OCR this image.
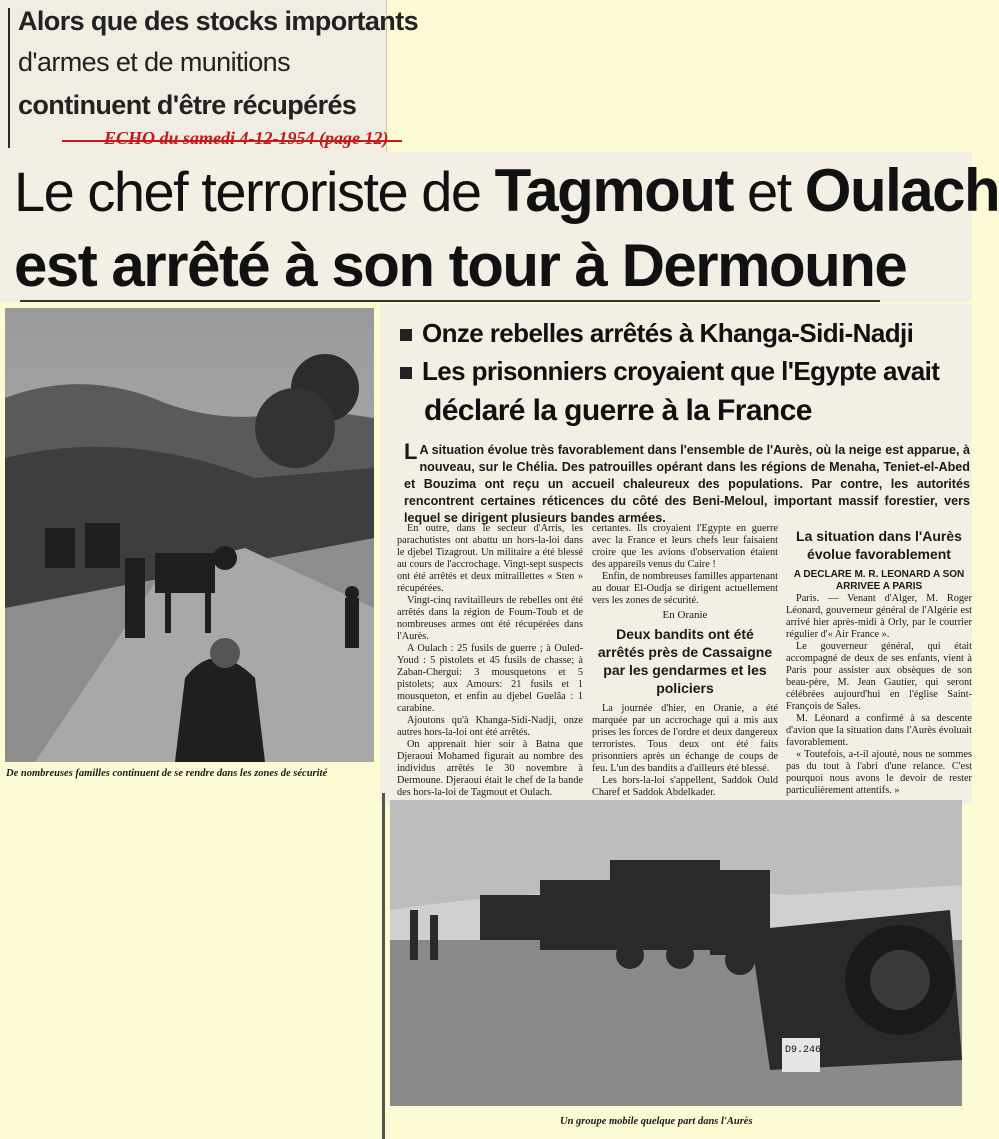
Alors que des stocks importants
d'armes et de munitions
continuent d'être récupérés
ECHO du samedi 4-12-1954 (page 12)
Le chef terroriste de Tagmout et Oulach
est arrêté à son tour à Dermoune
De nombreuses familles continuent de se rendre dans les zones de sécurité
Onze rebelles arrêtés à Khanga-Sidi-Nadji
Les prisonniers croyaient que l'Egypte avait
déclaré la guerre à la France
L A situation évolue très favorablement dans l'ensemble de l'Aurès, où la neige est apparue, à nouveau, sur le Chélia. Des patrouilles opérant dans les régions de Menaha, Teniet-el-Abed et Bouzima ont reçu un accueil chaleureux des populations. Par contre, les autorités rencontrent certaines réticences du côté des Beni-Meloul, important massif forestier, vers lequel se dirigent plusieurs bandes armées.

En outre, dans le secteur d'Arris, les parachutistes ont abattu un hors-la-loi dans le djebel Tizagrout. Un militaire a été blessé au cours de l'accrochage. Vingt-sept suspects ont été arrêtés et deux mitraillettes « Sten » récupérées.

Vingt-cinq ravitailleurs de rebelles ont été arrêtés dans la région de Foum-Toub et de nombreuses armes ont été récupérées dans l'Aurès.

A Oulach : 25 fusils de guerre ; à Ouled-Youd : 5 pistolets et 45 fusils de chasse; à Zaban-Chergui: 3 mousquetons et 5 pistolets; aux Amours: 21 fusils et 1 mousqueton, et enfin au djebel Guelâa : 1 carabine.

Ajoutons qu'à Khanga-Sidi-Nadji, onze autres hors-la-loi ont été arrêtés.

On apprenait hier soir à Batna que Djeraoui Mohamed figurait au nombre des individus arrêtés le 30 novembre à Dermoune. Djeraoui était le chef de la bande des hors-la-loi de Tagmout et Oulach.

certantes. Ils croyaient l'Egypte en guerre avec la France et leurs chefs leur faisaient croire que les avions d'observation étaient des appareils venus du Caire !

Enfin, de nombreuses familles appartenant au douar El-Oudja se dirigent actuellement vers les zones de sécurité.

En Oranie
Deux bandits ont été arrêtés près de Cassaigne par les gendarmes et les policiers

La journée d'hier, en Oranie, a été marquée par un accrochage qui a mis aux prises les forces de l'ordre et deux dangereux terroristes. Tous deux ont été faits prisonniers après un échange de coups de feu. L'un des bandits a d'ailleurs été blessé.

Les hors-la-loi s'appellent, Saddok Ould Charef et Saddok Abdelkader.

La situation dans l'Aurès évolue favorablement
A DECLARE M. R. LEONARD A SON ARRIVEE A PARIS

Paris. — Venant d'Alger, M. Roger Léonard, gouverneur général de l'Algérie est arrivé hier après-midi à Orly, par le courrier régulier d'« Air France ».

Le gouverneur général, qui était accompagné de deux de ses enfants, vient à Paris pour assister aux obsèques de son beau-père, M. Jean Gautier, qui seront célébrées aujourd'hui en l'église Saint-François de Sales.

M. Léonard a confirmé à sa descente d'avion que la situation dans l'Aurès évoluait favorablement.

« Toutefois, a-t-il ajouté, nous ne sommes pas du tout à l'abri d'une relance. C'est pourquoi nous avons le devoir de rester particulièrement attentifs. »

D9.246
Un groupe mobile quelque part dans l'Aurès
